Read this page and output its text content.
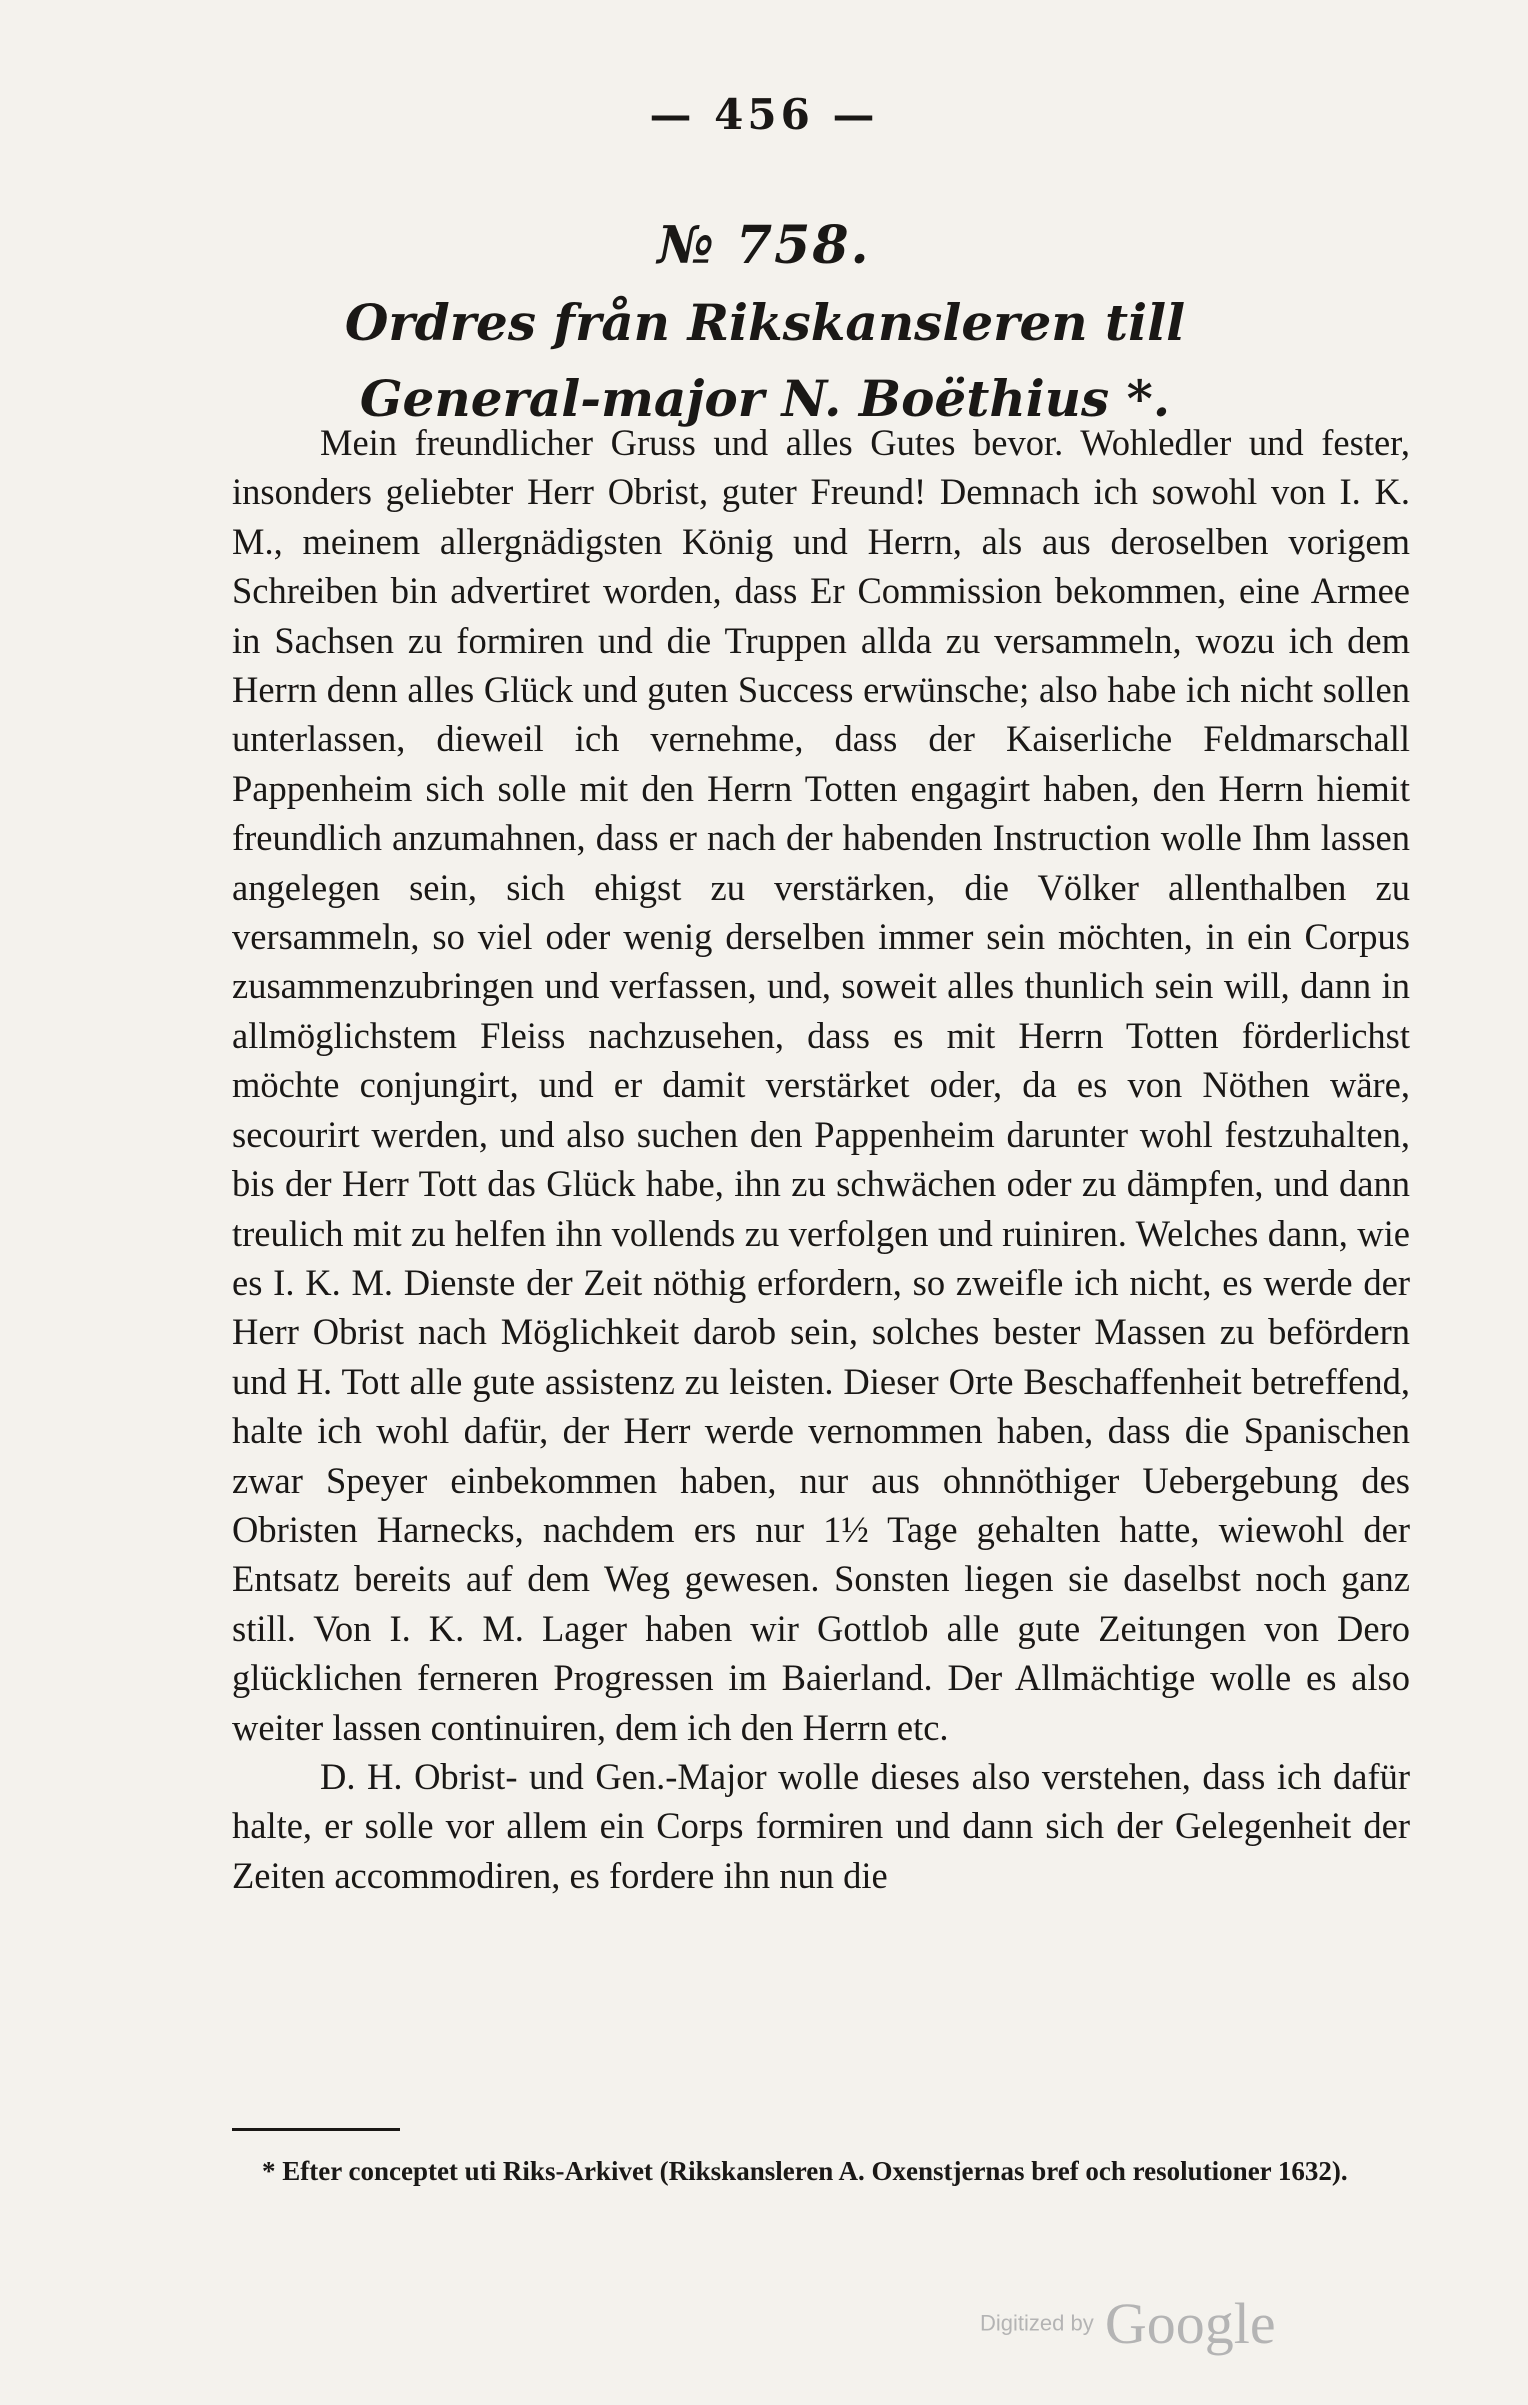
— 456 —
№ 758.
Ordres från Rikskansleren till General-major N. Boëthius *.

Mein freundlicher Gruss und alles Gutes bevor. Wohledler und fester, insonders geliebter Herr Obrist, guter Freund! Demnach ich sowohl von I. K. M., meinem allergnädigsten König und Herrn, als aus deroselben vorigem Schreiben bin advertiret worden, dass Er Commission bekommen, eine Armee in Sachsen zu formiren und die Truppen allda zu versammeln, wozu ich dem Herrn denn alles Glück und guten Success erwünsche; also habe ich nicht sollen unterlassen, dieweil ich vernehme, dass der Kaiserliche Feldmarschall Pappenheim sich solle mit den Herrn Totten engagirt haben, den Herrn hiemit freundlich anzumahnen, dass er nach der habenden Instruction wolle Ihm lassen angelegen sein, sich ehigst zu verstärken, die Völker allenthalben zu versammeln, so viel oder wenig derselben immer sein möchten, in ein Corpus zusammenzubringen und verfassen, und, soweit alles thunlich sein will, dann in allmöglichstem Fleiss nachzusehen, dass es mit Herrn Totten förderlichst möchte conjungirt, und er damit verstärket oder, da es von Nöthen wäre, secourirt werden, und also suchen den Pappenheim darunter wohl festzuhalten, bis der Herr Tott das Glück habe, ihn zu schwächen oder zu dämpfen, und dann treulich mit zu helfen ihn vollends zu verfolgen und ruiniren. Welches dann, wie es I. K. M. Dienste der Zeit nöthig erfordern, so zweifle ich nicht, es werde der Herr Obrist nach Möglichkeit darob sein, solches bester Massen zu befördern und H. Tott alle gute assistenz zu leisten. Dieser Orte Beschaffenheit betreffend, halte ich wohl dafür, der Herr werde vernommen haben, dass die Spanischen zwar Speyer einbekommen haben, nur aus ohnnöthiger Uebergebung des Obristen Harnecks, nachdem ers nur 1½ Tage gehalten hatte, wiewohl der Entsatz bereits auf dem Weg gewesen. Sonsten liegen sie daselbst noch ganz still. Von I. K. M. Lager haben wir Gottlob alle gute Zeitungen von Dero glücklichen ferneren Progressen im Baierland. Der Allmächtige wolle es also weiter lassen continuiren, dem ich den Herrn etc.

D. H. Obrist- und Gen.-Major wolle dieses also verstehen, dass ich dafür halte, er solle vor allem ein Corps formiren und dann sich der Gelegenheit der Zeiten accommodiren, es fordere ihn nun die

* Efter conceptet uti Riks-Arkivet (Rikskansleren A. Oxenstjernas bref och resolutioner 1632).
Digitized by Google
